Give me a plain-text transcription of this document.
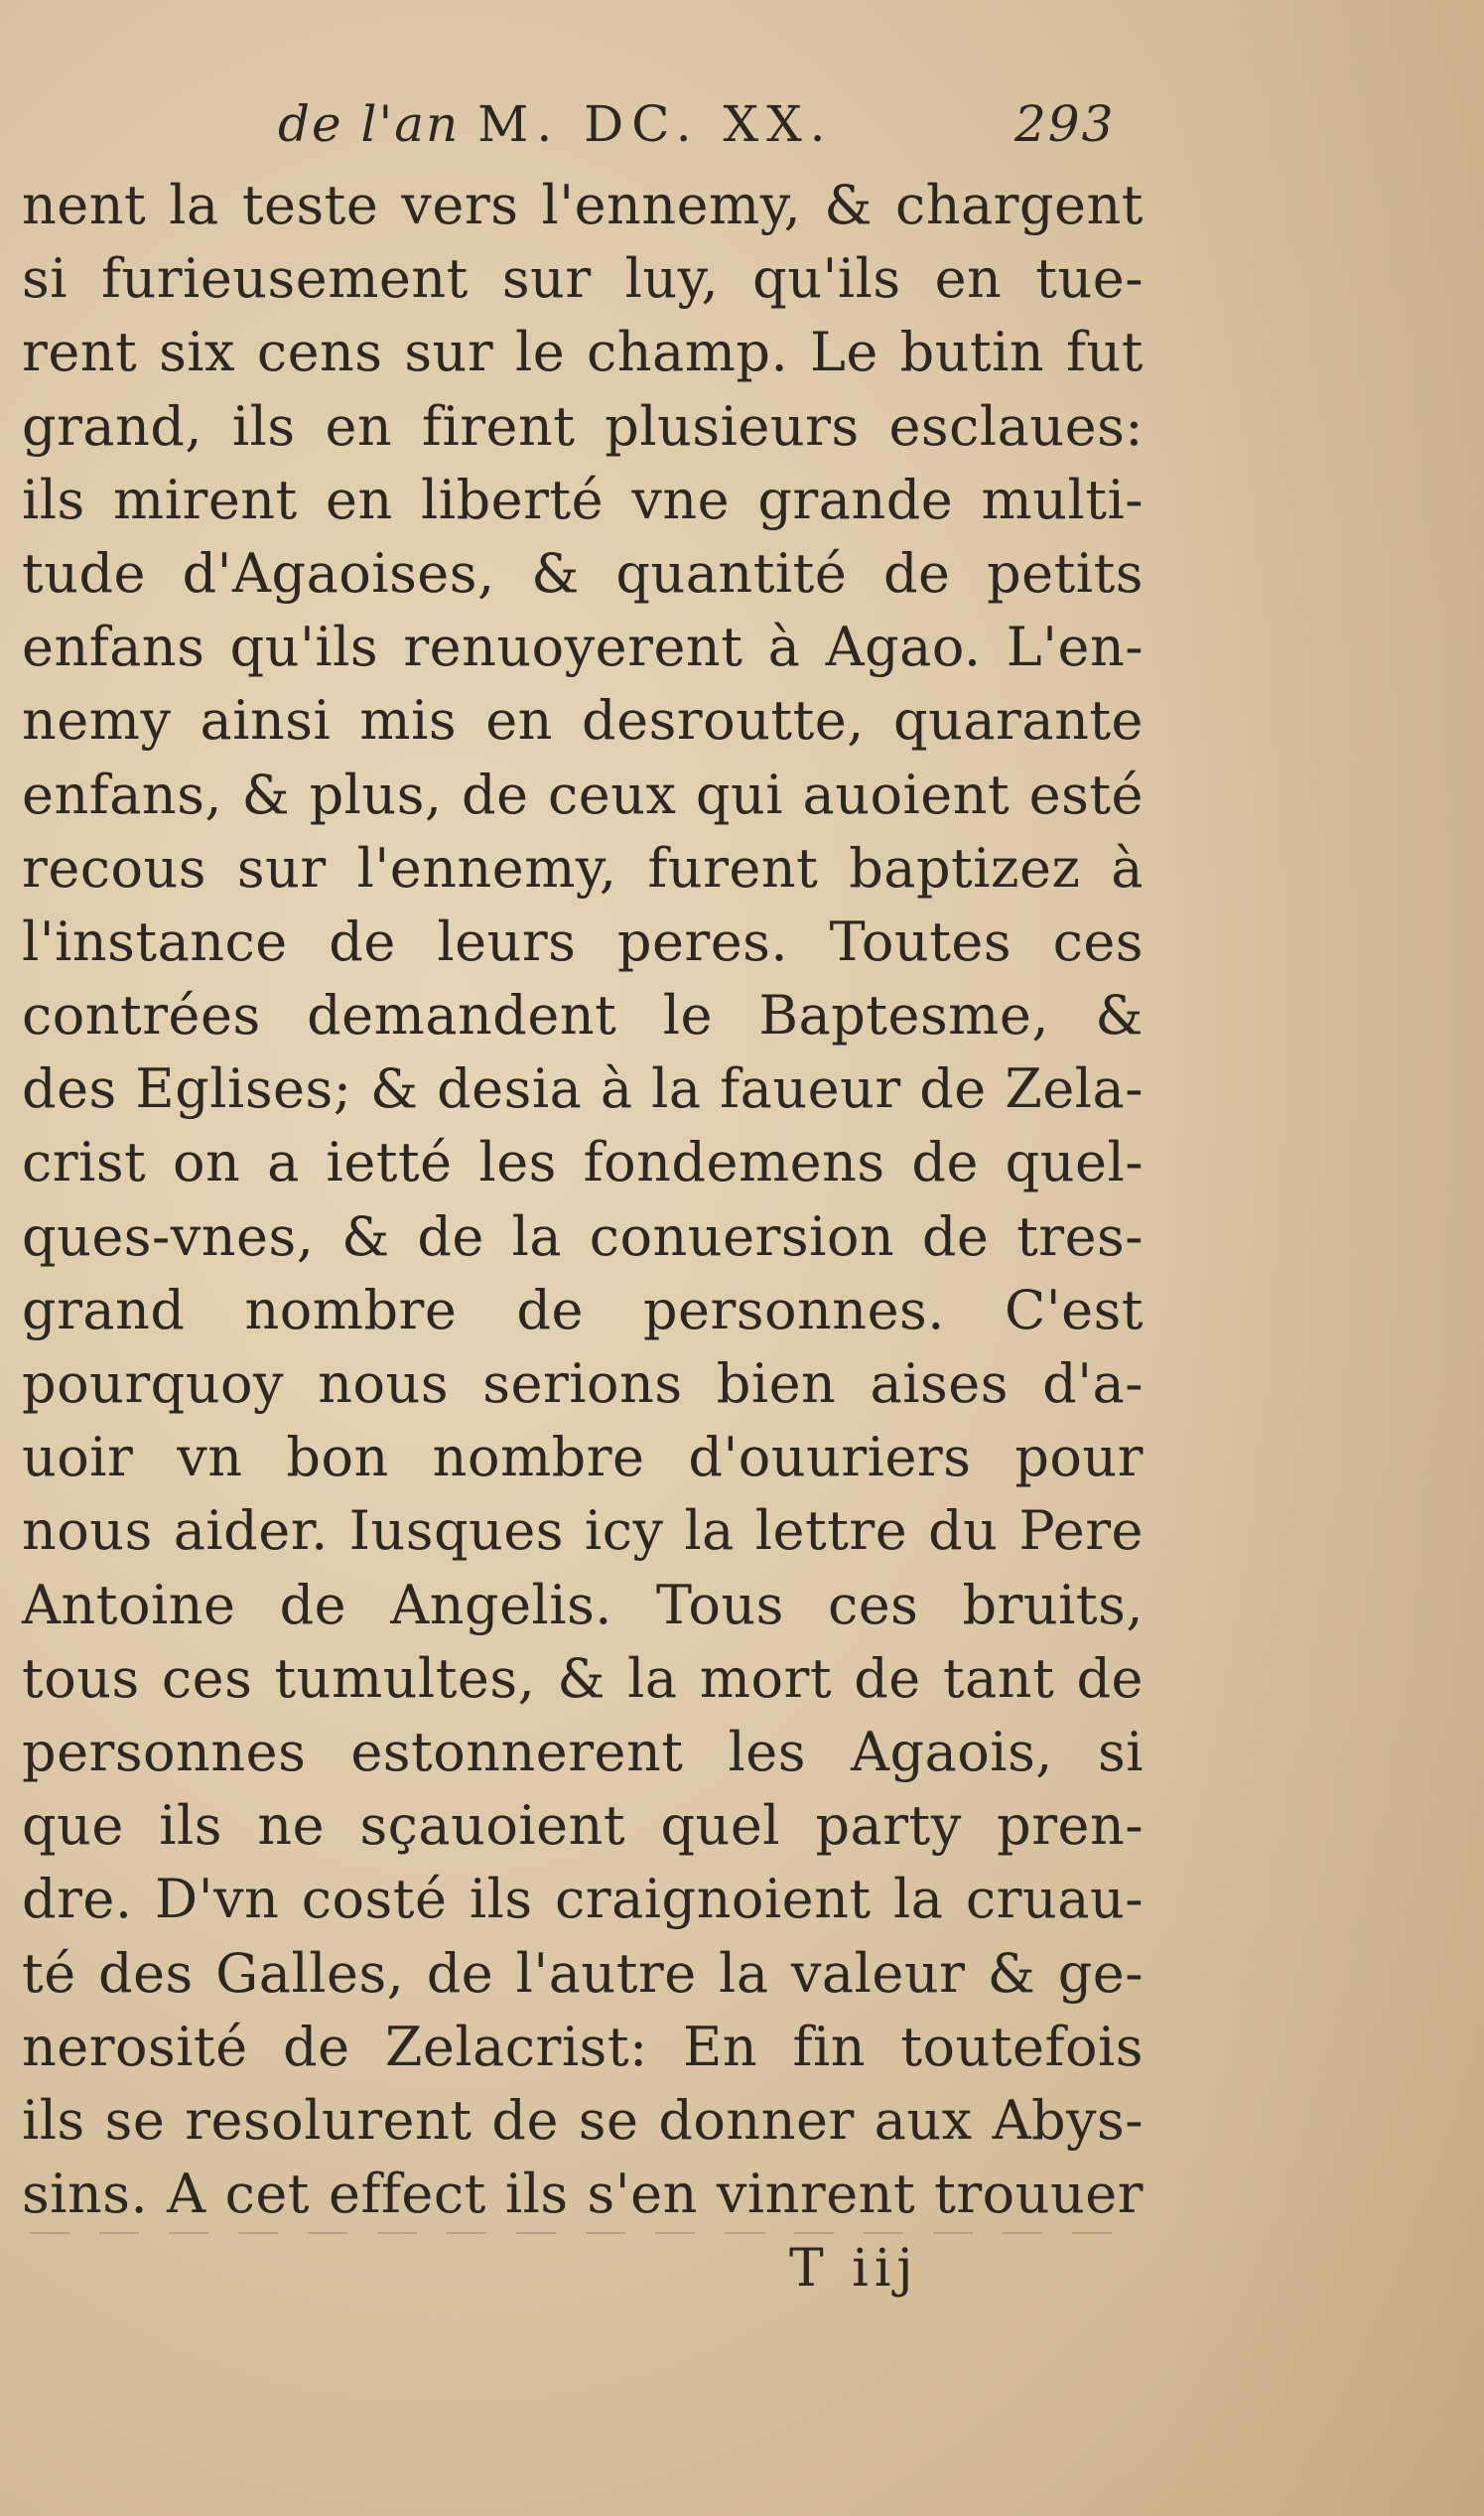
de l'an M. DC. XX.	293
nent la teste vers l'ennemy, & chargent
si furieusement sur luy, qu'ils en tue-
rent six cens sur le champ. Le butin fut
grand, ils en firent plusieurs esclaues:
ils mirent en liberté vne grande multi-
tude d'Agaoises, & quantité de petits
enfans qu'ils renuoyerent à Agao. L'en-
nemy ainsi mis en desroutte, quarante
enfans, & plus, de ceux qui auoient esté
recous sur l'ennemy, furent baptizez à
l'instance de leurs peres. Toutes ces
contrées demandent le Baptesme, &
des Eglises; & desia à la faueur de Zela-
crist on a ietté les fondemens de quel-
ques-vnes, & de la conuersion de tres-
grand nombre de personnes. C'est
pourquoy nous serions bien aises d'a-
uoir vn bon nombre d'ouuriers pour
nous aider. Iusques icy la lettre du Pere
Antoine de Angelis. Tous ces bruits,
tous ces tumultes, & la mort de tant de
personnes estonnerent les Agaois, si
que ils ne sçauoient quel party pren-
dre. D'vn costé ils craignoient la cruau-
té des Galles, de l'autre la valeur & ge-
nerosité de Zelacrist: En fin toutefois
ils se resolurent de se donner aux Abys-
sins. A cet effect ils s'en vinrent trouuer
T iij
